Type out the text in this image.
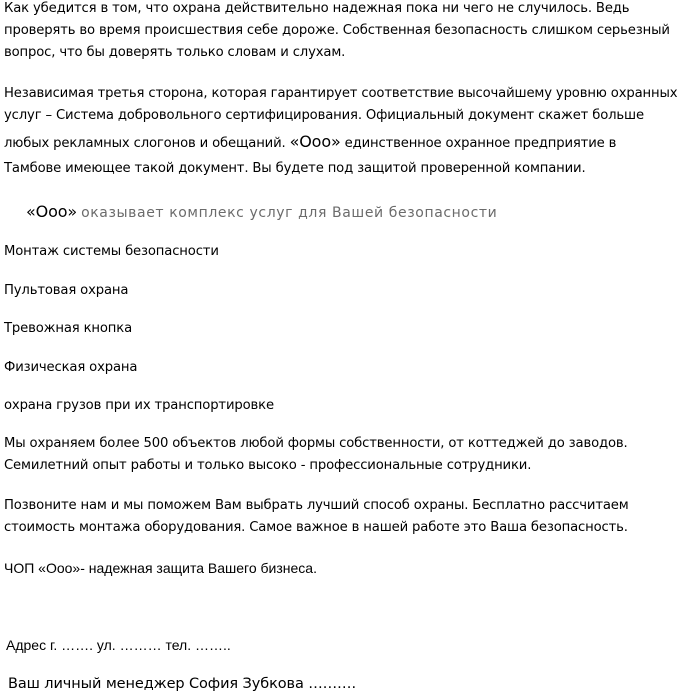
Как убедится в том, что охрана действительно надежная пока ни чего не случилось. Ведь
проверять во время происшествия себе дороже. Собственная безопасность слишком серьезный
вопрос, что бы доверять только словам и слухам.
Независимая третья сторона, которая гарантирует соответствие высочайшему уровню охранных
услуг – Система добровольного сертифицирования. Официальный документ скажет больше
любых рекламных слогонов и обещаний. «Ооо» единственное охранное предприятие в
Тамбове имеющее такой документ. Вы будете под защитой проверенной компании.
«Ооо» оказывает комплекс услуг для Вашей безопасности
Монтаж системы безопасности
Пультовая охрана
Тревожная кнопка
Физическая охрана
охрана грузов при их транспортировке
Мы охраняем более 500 объектов любой формы собственности, от коттеджей до заводов.
Семилетний опыт работы и только высоко - профессиональные сотрудники.
Позвоните нам и мы поможем Вам выбрать лучший способ охраны. Бесплатно рассчитаем
стоимость монтажа оборудования. Самое важное в нашей работе это Ваша безопасность.
ЧОП «Ооо»- надежная защита Вашего бизнеса.
Адрес г. ……. ул. ……… тел. ……..
Ваш личный менеджер София Зубкова ……….
